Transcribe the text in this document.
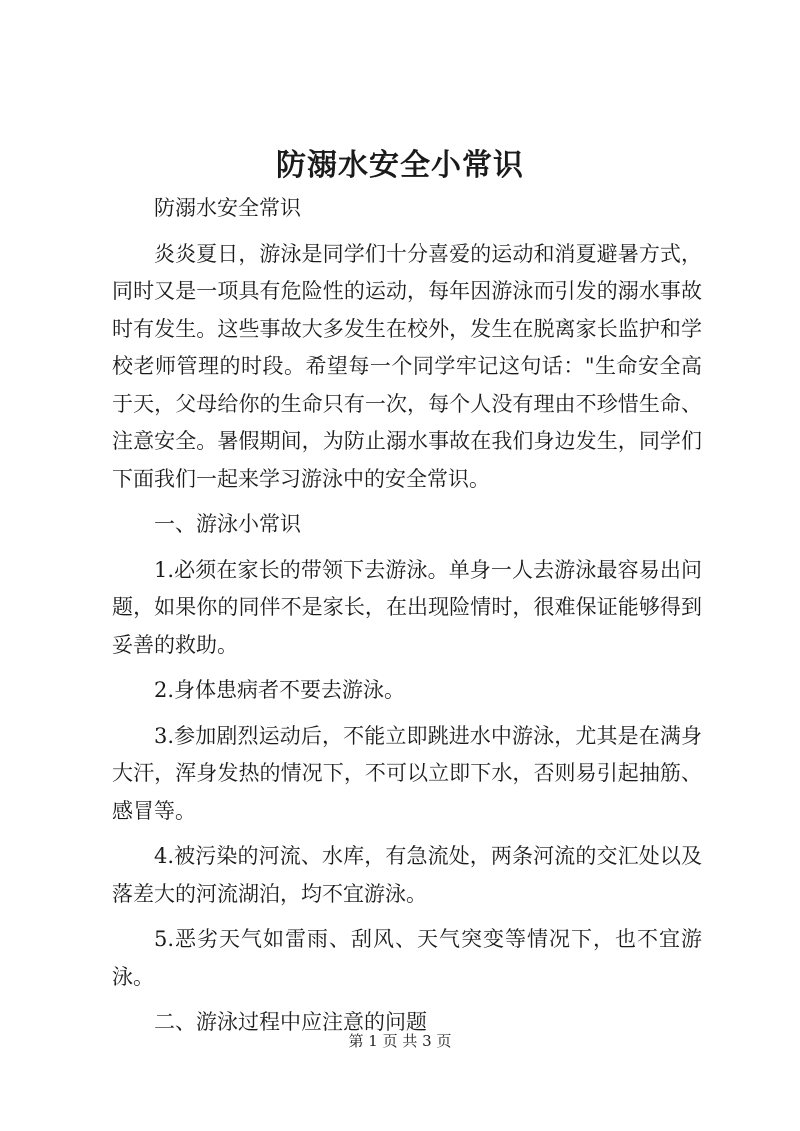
防溺水安全小常识

防溺水安全常识

炎炎夏日，游泳是同学们十分喜爱的运动和消夏避暑方式，同时又是一项具有危险性的运动，每年因游泳而引发的溺水事故时有发生。这些事故大多发生在校外，发生在脱离家长监护和学校老师管理的时段。希望每一个同学牢记这句话："生命安全高于天，父母给你的生命只有一次，每个人没有理由不珍惜生命、注意安全。暑假期间，为防止溺水事故在我们身边发生，同学们下面我们一起来学习游泳中的安全常识。

一、游泳小常识

1.必须在家长的带领下去游泳。单身一人去游泳最容易出问题，如果你的同伴不是家长，在出现险情时，很难保证能够得到妥善的救助。

2.身体患病者不要去游泳。

3.参加剧烈运动后，不能立即跳进水中游泳，尤其是在满身大汗，浑身发热的情况下，不可以立即下水，否则易引起抽筋、感冒等。

4.被污染的河流、水库，有急流处，两条河流的交汇处以及落差大的河流湖泊，均不宜游泳。

5.恶劣天气如雷雨、刮风、天气突变等情况下，也不宜游泳。

二、游泳过程中应注意的问题

第 1 页 共 3 页
